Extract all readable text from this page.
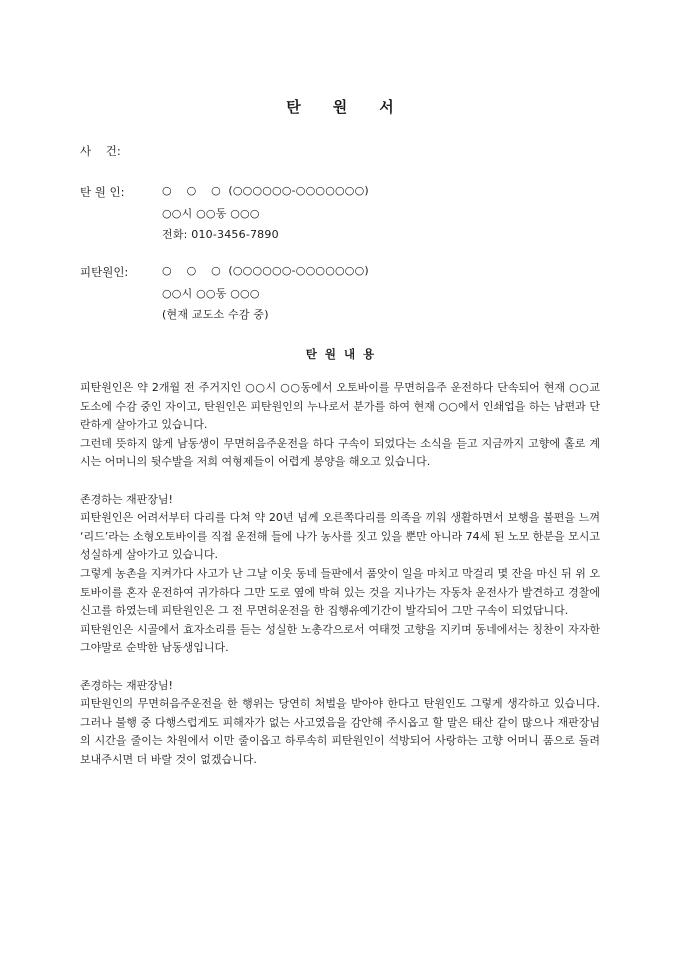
탄 원 서
사    건:
탄 원 인:	○    ○    ○  (○○○○○○-○○○○○○○)
○○시 ○○동 ○○○
전화: 010-3456-7890
피탄원인:	○    ○    ○  (○○○○○○-○○○○○○○)
○○시 ○○동 ○○○
(현재 교도소 수감 중)
탄 원 내 용

피탄원인은 약 2개월 전 주거지인 ○○시 ○○동에서 오토바이를 무면허음주 운전하다 단속되어 현재 ○○교도소에 수감 중인 자이고, 탄원인은 피탄원인의 누나로서 분가를 하여 현재 ○○에서 인쇄업을 하는 남편과 단란하게 살아가고 있습니다.

그런데 뜻하지 않게 남동생이 무면허음주운전을 하다 구속이 되었다는 소식을 듣고 지금까지 고향에 홀로 계시는 어머니의 뒷수발을 저희 여형제들이 어렵게 봉양을 해오고 있습니다.

존경하는 재판장님!

피탄원인은 어려서부터 다리를 다쳐 약 20년 넘께 오른쪽다리를 의족을 끼워 생활하면서 보행을 불편을 느껴 ‘리드’라는 소형오토바이를 직접 운전해 들에 나가 농사를 짓고 있을 뿐만 아니라 74세 된 노모 한분을 모시고 성실하게 살아가고 있습니다.

그렇게 농촌을 지켜가다 사고가 난 그날 이웃 동네 들판에서 품앗이 일을 마치고 막걸리 몇 잔을 마신 뒤 위 오토바이를 혼자 운전하여 귀가하다 그만 도로 옆에 박혀 있는 것을 지나가는 자동차 운전사가 발견하고 경찰에 신고를 하였는데 피탄원인은 그 전 무면허운전을 한 집행유예기간이 발각되어 그만 구속이 되었답니다.

피탄원인은 시골에서 효자소리를 듣는 성실한 노총각으로서 여태껏 고향을 지키며 동네에서는 칭찬이 자자한 그야말로 순박한 남동생입니다.

존경하는 재판장님!

피탄원인의 무면허음주운전을 한 행위는 당연히 처벌을 받아야 한다고 탄원인도 그렇게 생각하고 있습니다. 그러나 불행 중 다행스럽게도 피해자가 없는 사고였음을 감안해 주시옵고 할 말은 태산 같이 많으나 재판장님의 시간을 줄이는 차원에서 이만 줄이옵고 하루속히 피탄원인이 석방되어 사랑하는 고향 어머니 품으로 돌려 보내주시면 더 바랄 것이 없겠습니다.
